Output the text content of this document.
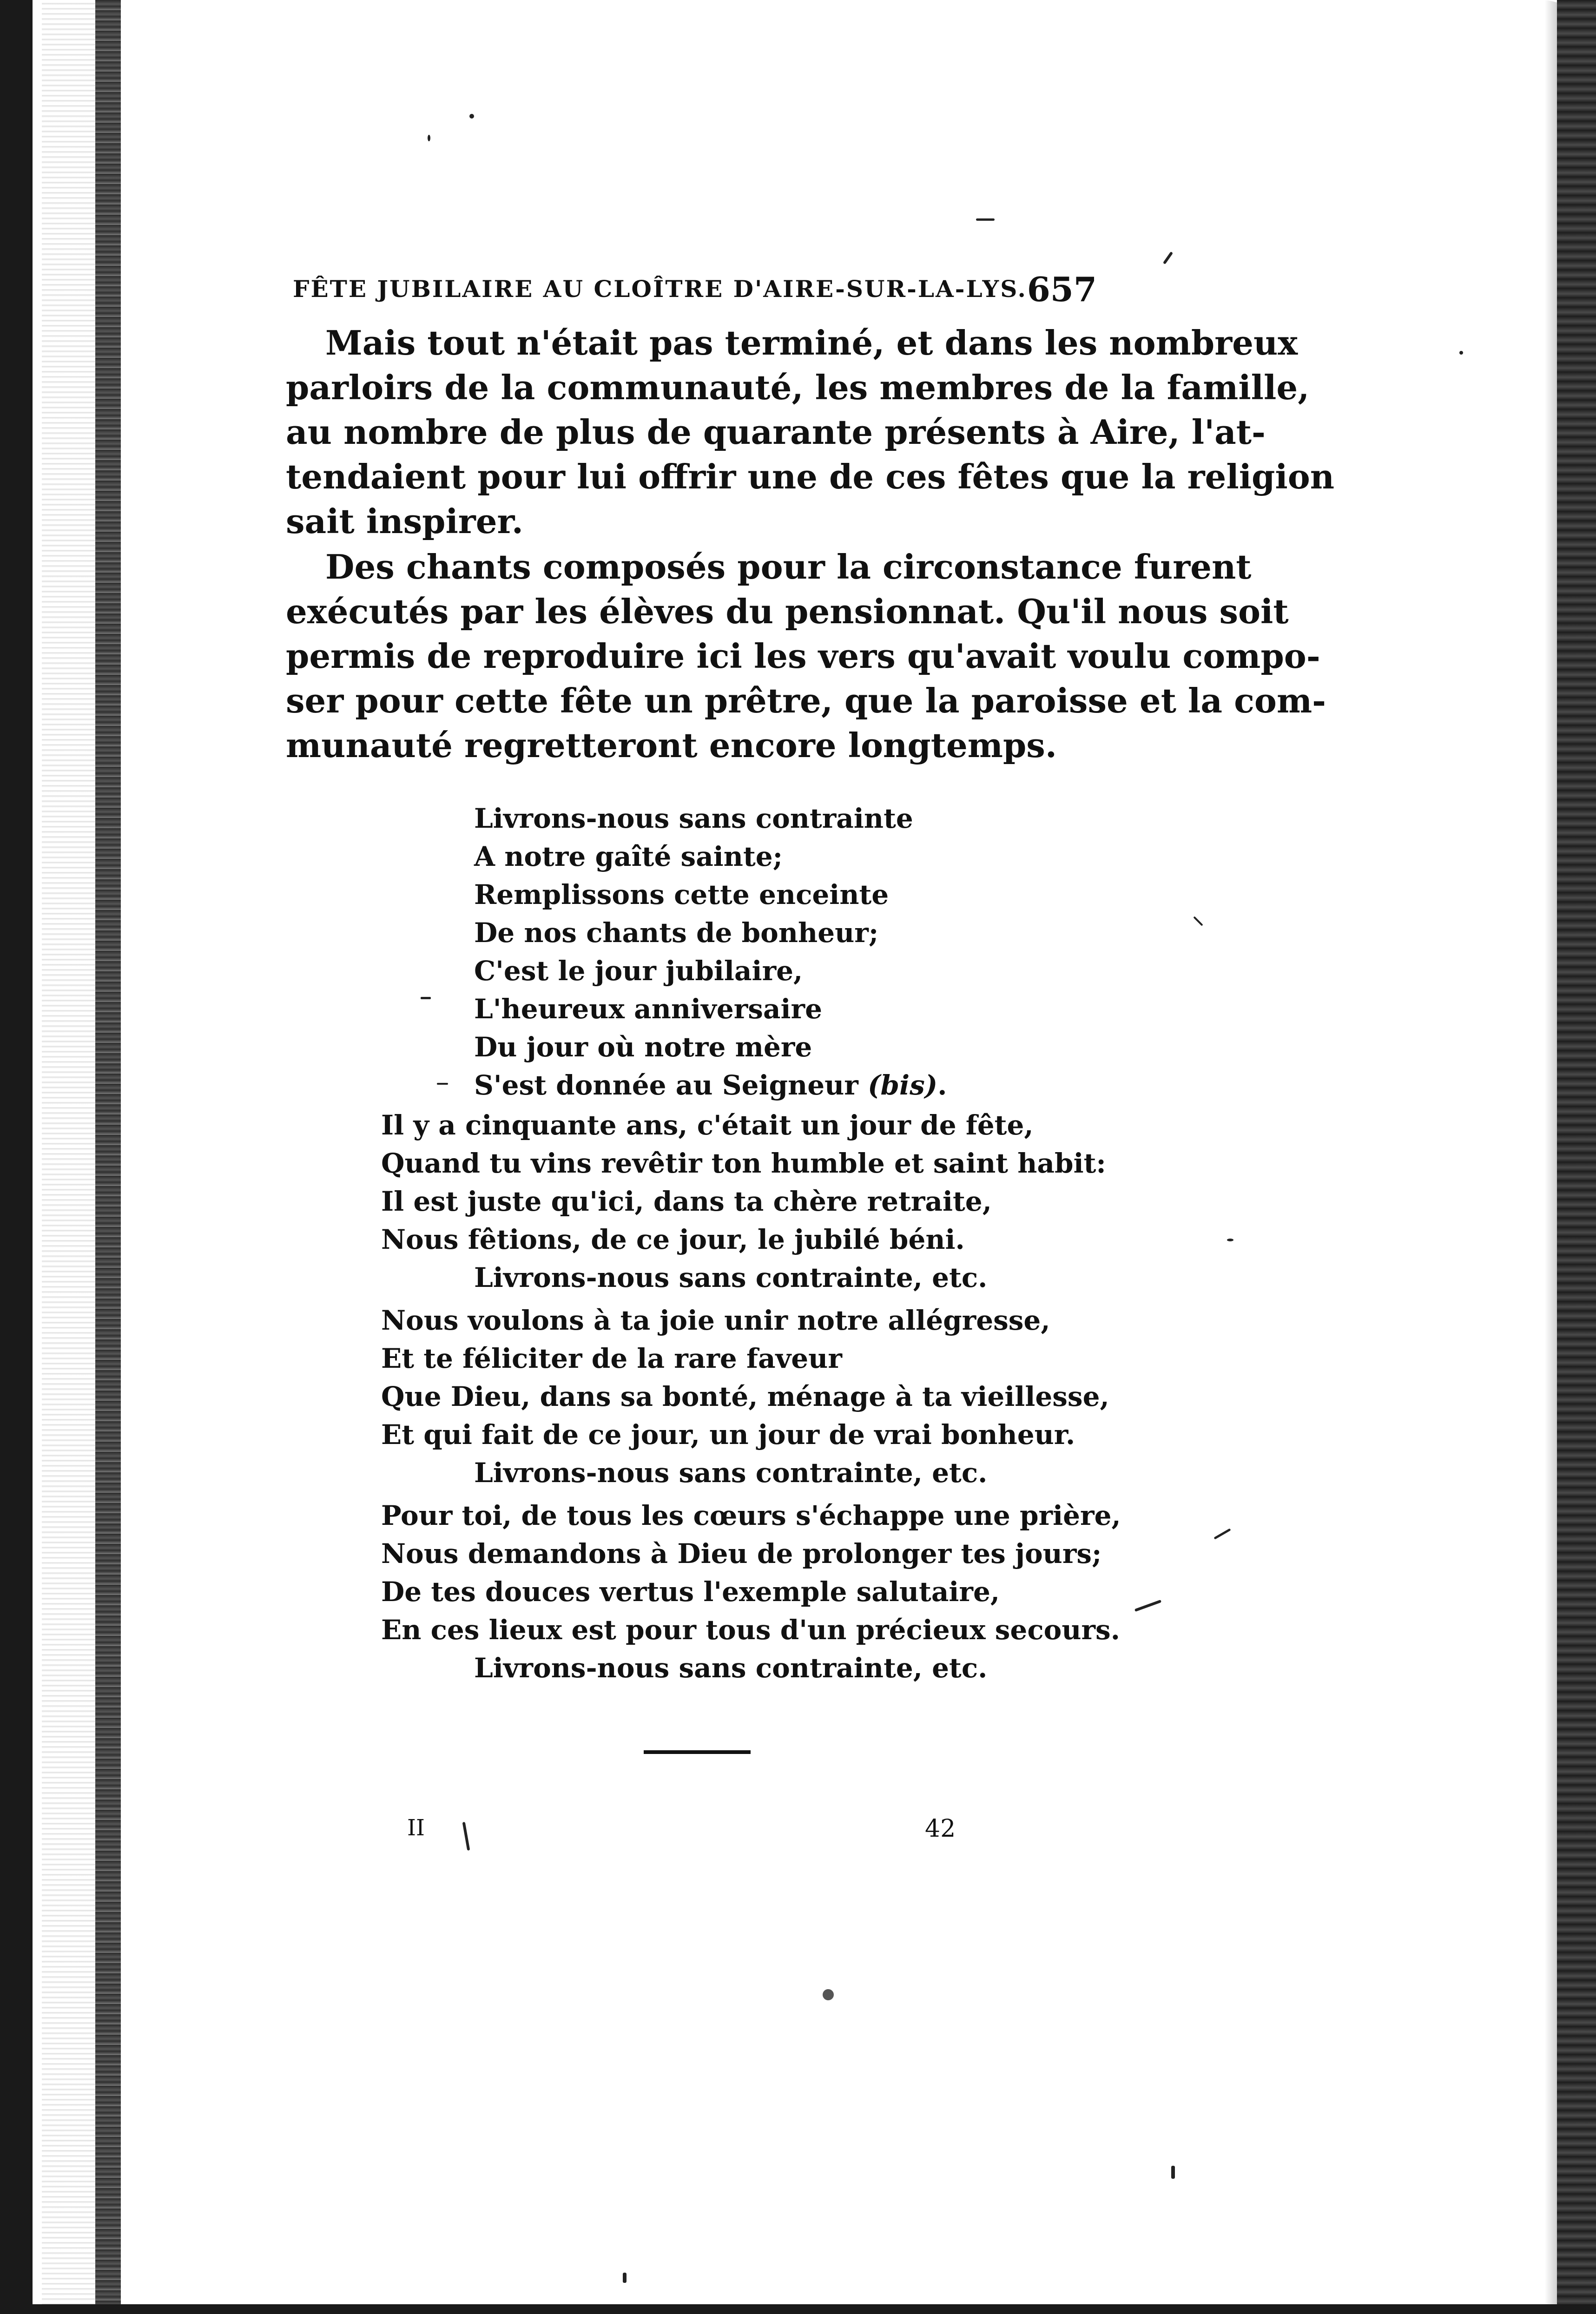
FÊTE JUBILAIRE AU CLOÎTRE D'AIRE-SUR-LA-LYS. 657
Mais tout n'était pas terminé, et dans les nombreux
parloirs de la communauté, les membres de la famille,
au nombre de plus de quarante présents à Aire, l'at-
tendaient pour lui offrir une de ces fêtes que la religion
sait inspirer.
Des chants composés pour la circonstance furent
exécutés par les élèves du pensionnat. Qu'il nous soit
permis de reproduire ici les vers qu'avait voulu compo-
ser pour cette fête un prêtre, que la paroisse et la com-
munauté regretteront encore longtemps.
Livrons-nous sans contrainte
A notre gaîté sainte;
Remplissons cette enceinte
De nos chants de bonheur;
C'est le jour jubilaire,
L'heureux anniversaire
Du jour où notre mère
S'est donnée au Seigneur (bis).
Il y a cinquante ans, c'était un jour de fête,
Quand tu vins revêtir ton humble et saint habit:
Il est juste qu'ici, dans ta chère retraite,
Nous fêtions, de ce jour, le jubilé béni.
Livrons-nous sans contrainte, etc.
Nous voulons à ta joie unir notre allégresse,
Et te féliciter de la rare faveur
Que Dieu, dans sa bonté, ménage à ta vieillesse,
Et qui fait de ce jour, un jour de vrai bonheur.
Livrons-nous sans contrainte, etc.
Pour toi, de tous les cœurs s'échappe une prière,
Nous demandons à Dieu de prolonger tes jours;
De tes douces vertus l'exemple salutaire,
En ces lieux est pour tous d'un précieux secours.
Livrons-nous sans contrainte, etc.
II	42
